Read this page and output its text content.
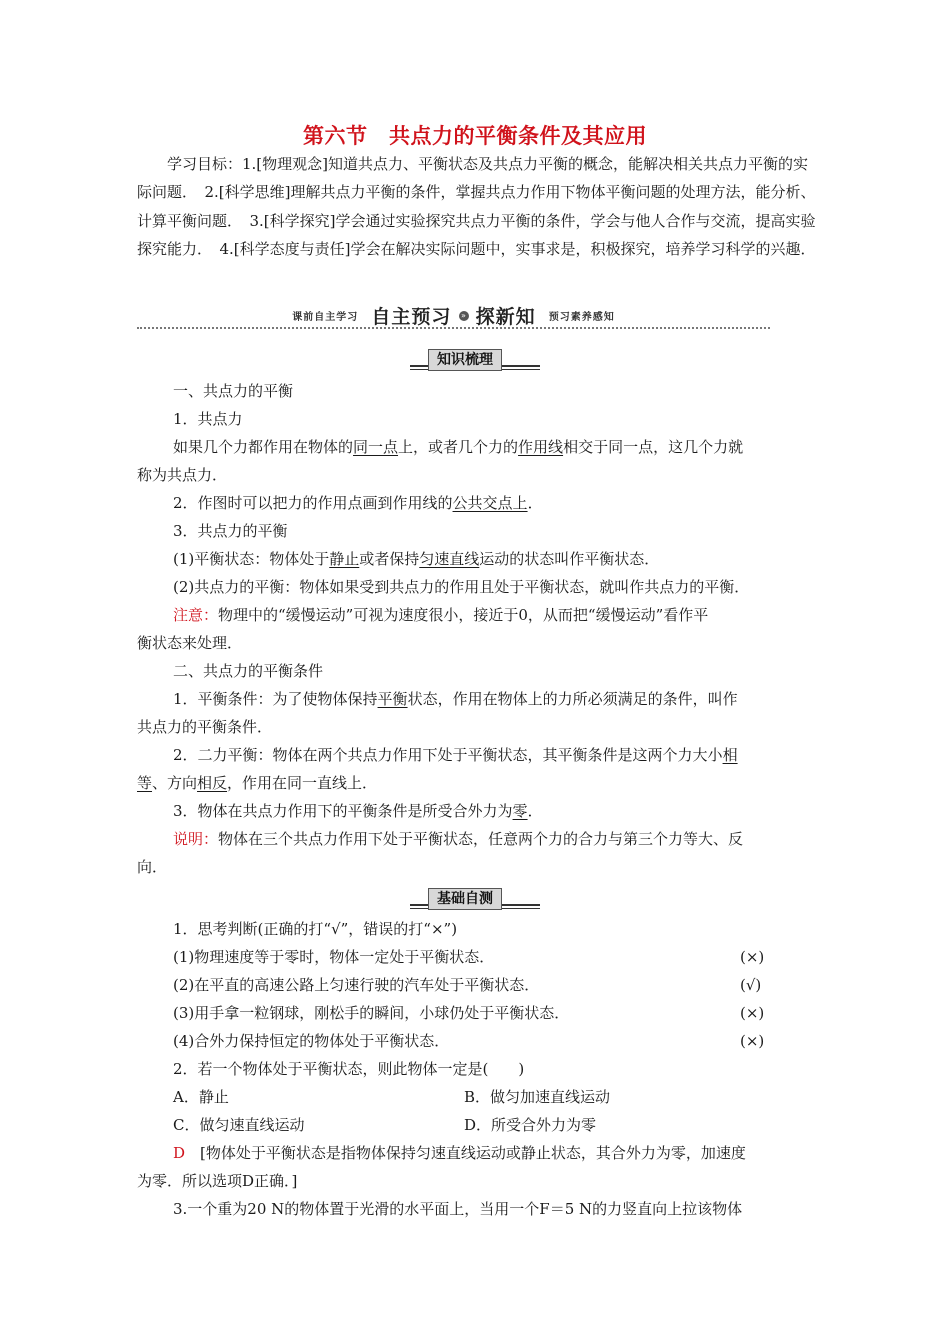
第六节　共点力的平衡条件及其应用
学习目标：1.[物理观念]知道共点力、平衡状态及共点力平衡的概念，能解决相关共点力平衡的实际问题．　2.[科学思维]理解共点力平衡的条件，掌握共点力作用下物体平衡问题的处理方法，能分析、计算平衡问题．　3.[科学探究]学会通过实验探究共点力平衡的条件，学会与他人合作与交流，提高实验探究能力．　4.[科学态度与责任]学会在解决实际问题中，实事求是，积极探究，培养学习科学的兴趣．
课前自主学习 自主预习 » 探新知 预习素养感知
知识梳理
一、共点力的平衡
1．共点力
如果几个力都作用在物体的同一点上，或者几个力的作用线相交于同一点，这几个力就
称为共点力．
2．作图时可以把力的作用点画到作用线的公共交点上．
3．共点力的平衡
(1)平衡状态：物体处于静止或者保持匀速直线运动的状态叫作平衡状态．
(2)共点力的平衡：物体如果受到共点力的作用且处于平衡状态，就叫作共点力的平衡．
注意：物理中的“缓慢运动”可视为速度很小，接近于0，从而把“缓慢运动”看作平
衡状态来处理．
二、共点力的平衡条件
1．平衡条件：为了使物体保持平衡状态，作用在物体上的力所必须满足的条件，叫作
共点力的平衡条件．
2．二力平衡：物体在两个共点力作用下处于平衡状态，其平衡条件是这两个力大小相
等、方向相反，作用在同一直线上．
3．物体在共点力作用下的平衡条件是所受合外力为零．
说明：物体在三个共点力作用下处于平衡状态，任意两个力的合力与第三个力等大、反
向．
基础自测
1．思考判断(正确的打“√”，错误的打“×”)
(1)物理速度等于零时，物体一定处于平衡状态．	(×)
(2)在平直的高速公路上匀速行驶的汽车处于平衡状态．	(√)
(3)用手拿一粒钢球，刚松手的瞬间，小球仍处于平衡状态．	(×)
(4)合外力保持恒定的物体处于平衡状态．	(×)
2．若一个物体处于平衡状态，则此物体一定是(　　)
A．静止	B．做匀加速直线运动
C．做匀速直线运动	D．所受合外力为零
D　[物体处于平衡状态是指物体保持匀速直线运动或静止状态，其合外力为零，加速度
为零．所以选项D正确．]
3.一个重为20 N的物体置于光滑的水平面上，当用一个F＝5 N的力竖直向上拉该物体
